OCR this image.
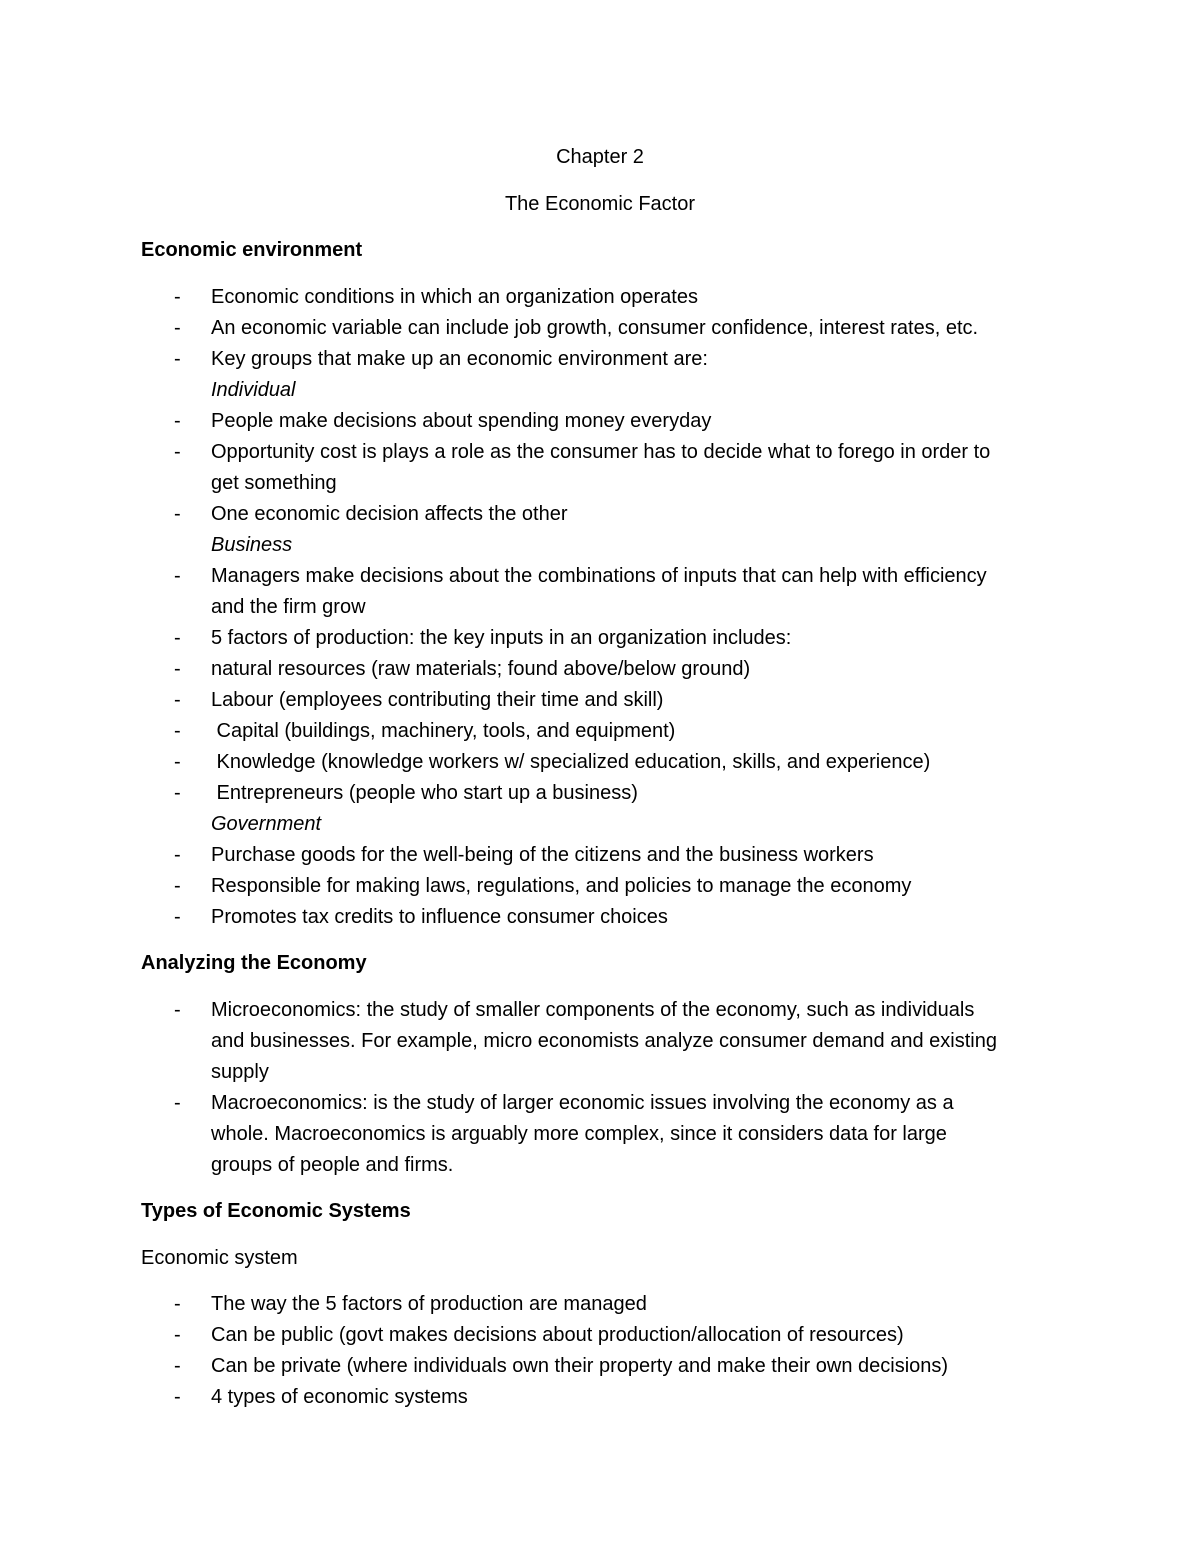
Chapter 2
The Economic Factor
Economic environment
-	Economic conditions in which an organization operates
-	An economic variable can include job growth, consumer confidence, interest rates, etc.
-	Key groups that make up an economic environment are:
Individual
-	People make decisions about spending money everyday
-	Opportunity cost is plays a role as the consumer has to decide what to forego in order to
get something
-	One economic decision affects the other
Business
-	Managers make decisions about the combinations of inputs that can help with efficiency
and the firm grow
-	5 factors of production: the key inputs in an organization includes:
-	natural resources (raw materials; found above/below ground)
-	Labour (employees contributing their time and skill)
-	Capital (buildings, machinery, tools, and equipment)
-	Knowledge (knowledge workers w/ specialized education, skills, and experience)
-	Entrepreneurs (people who start up a business)
Government
-	Purchase goods for the well-being of the citizens and the business workers
-	Responsible for making laws, regulations, and policies to manage the economy
-	Promotes tax credits to influence consumer choices
Analyzing the Economy
-	Microeconomics: the study of smaller components of the economy, such as individuals
and businesses. For example, micro economists analyze consumer demand and existing
supply
-	Macroeconomics: is the study of larger economic issues involving the economy as a
whole. Macroeconomics is arguably more complex, since it considers data for large
groups of people and firms.
Types of Economic Systems
Economic system
-	The way the 5 factors of production are managed
-	Can be public (govt makes decisions about production/allocation of resources)
-	Can be private (where individuals own their property and make their own decisions)
-	4 types of economic systems
